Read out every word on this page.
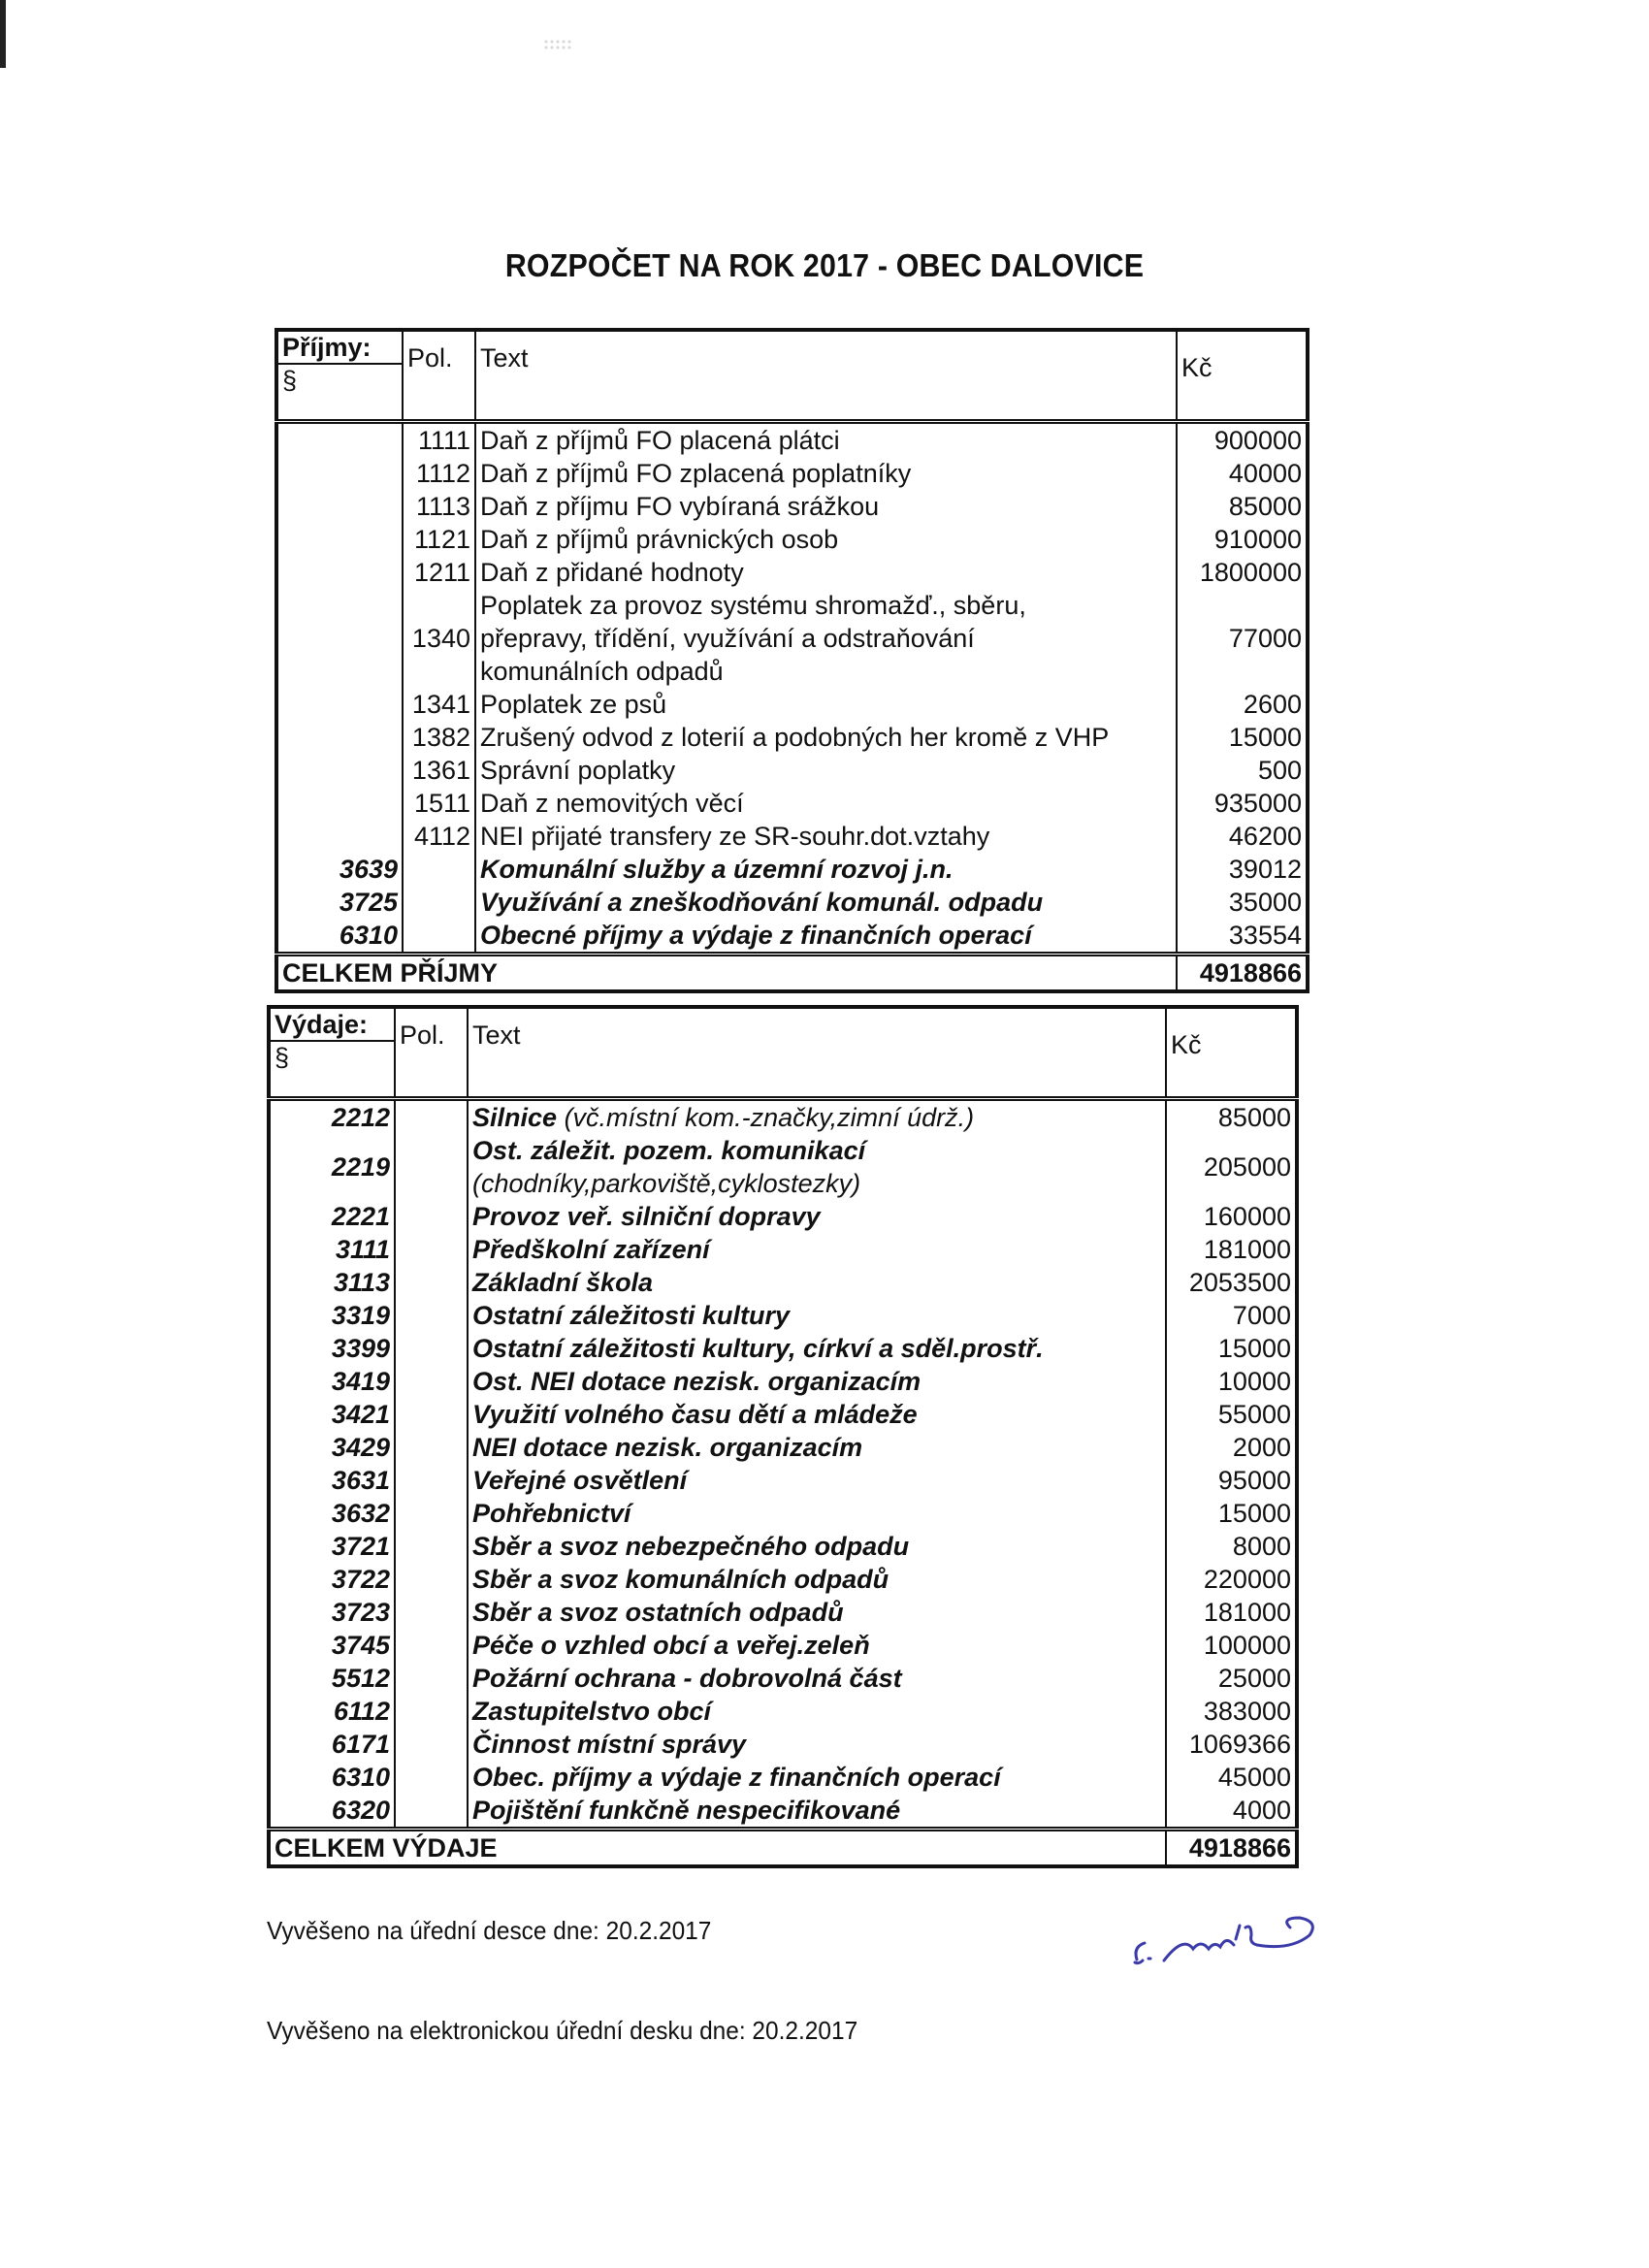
ROZPOČET NA ROK 2017 - OBEC DALOVICE
Příjmy:
§	Pol.	Text	Kč
	1111	Daň z příjmů FO placená plátci	900000
	1112	Daň z příjmů FO zplacená poplatníky	40000
	1113	Daň z příjmu FO vybíraná srážkou	85000
	1121	Daň z příjmů právnických osob	910000
	1211	Daň z přidané hodnoty	1800000
	1340	Poplatek za provoz systému shromažď., sběru,
přepravy, třídění, využívání a odstraňování
komunálních odpadů	77000
	1341	Poplatek ze psů	2600
	1382	Zrušený odvod z loterií a podobných her kromě z VHP	15000
	1361	Správní poplatky	500
	1511	Daň z nemovitých věcí	935000
	4112	NEI přijaté transfery ze SR-souhr.dot.vztahy	46200
3639		Komunální služby a územní rozvoj j.n.	39012
3725		Využívání a zneškodňování komunál. odpadu	35000
6310		Obecné příjmy a výdaje z finančních operací	33554
CELKEM PŘÍJMY			4918866
Výdaje:
§	Pol.	Text	Kč
2212		Silnice (vč.místní kom.-značky,zimní údrž.)	85000
2219		Ost. záležit. pozem. komunikací
(chodníky,parkoviště,cyklostezky)	205000
2221		Provoz veř. silniční dopravy	160000
3111		Předškolní zařízení	181000
3113		Základní škola	2053500
3319		Ostatní záležitosti kultury	7000
3399		Ostatní záležitosti kultury, církví a sděl.prostř.	15000
3419		Ost. NEI dotace nezisk. organizacím	10000
3421		Využití volného času dětí a mládeže	55000
3429		NEI dotace nezisk. organizacím	2000
3631		Veřejné osvětlení	95000
3632		Pohřebnictví	15000
3721		Sběr a svoz nebezpečného odpadu	8000
3722		Sběr a svoz komunálních odpadů	220000
3723		Sběr a svoz ostatních odpadů	181000
3745		Péče o vzhled obcí a veřej.zeleň	100000
5512		Požární ochrana - dobrovolná část	25000
6112		Zastupitelstvo obcí	383000
6171		Činnost místní správy	1069366
6310		Obec. příjmy a výdaje z finančních operací	45000
6320		Pojištění funkčně nespecifikované	4000
CELKEM VÝDAJE			4918866
Vyvěšeno na úřední desce dne: 20.2.2017
Vyvěšeno na elektronickou úřední desku dne: 20.2.2017
